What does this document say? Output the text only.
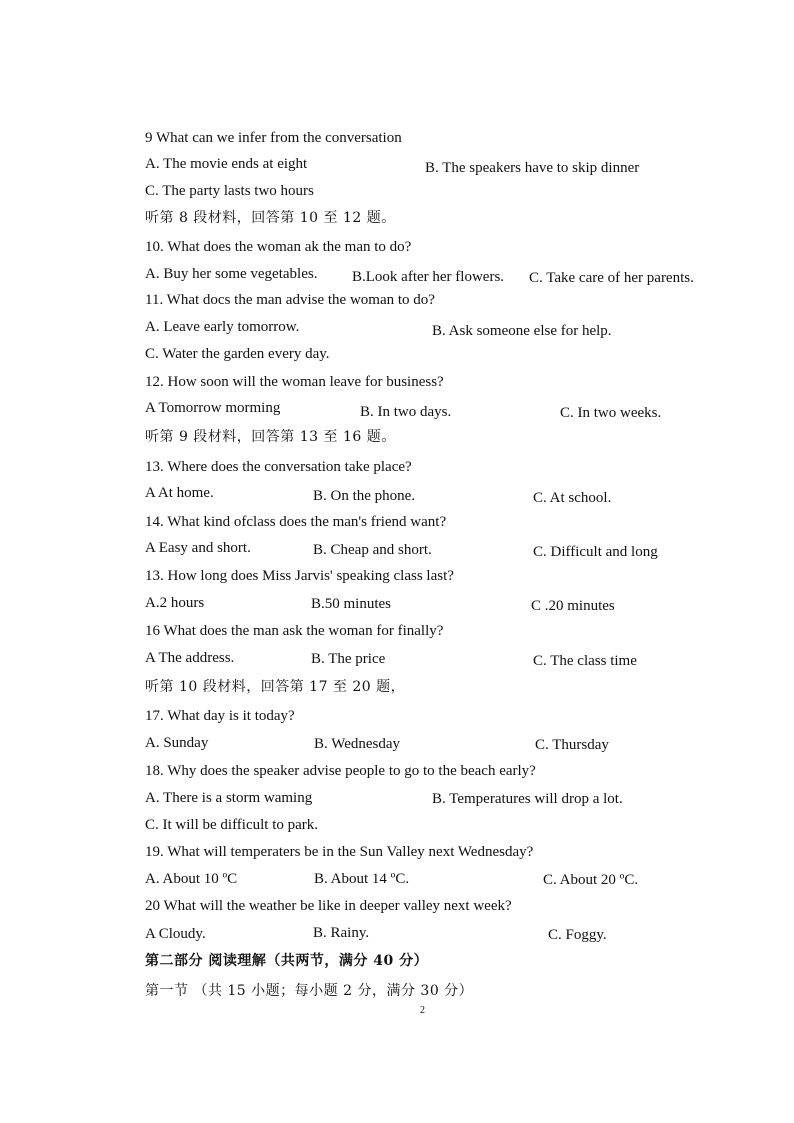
9 What can we infer from the conversation
A. The movie ends at eight	B. The speakers have to skip dinner
C. The party lasts two hours
听第 8 段材料，回答第 10 至 12 题。
10. What does the woman ak the man to do?
A. Buy her some vegetables. B.Look after her flowers. C. Take care of her parents.
11. What docs the man advise the woman to do?
A. Leave early tomorrow.	B. Ask someone else for help.
C. Water the garden every day.
12. How soon will the woman leave for business?
A Tomorrow morming	B. In two days.	C. In two weeks.
听第 9 段材料，回答第 13 至 16 题。
13. Where does the conversation take place?
A At home.	B. On the phone.	C. At school.
14. What kind ofclass does the man's friend want?
A Easy and short.	B. Cheap and short.	C. Difficult and long
13. How long does Miss Jarvis' speaking class last?
A.2 hours	B.50 minutes	C .20 minutes
16 What does the man ask the woman for finally?
A The address.	B. The price	C. The class time
听第 10 段材料，回答第 17 至 20 题，
17. What day is it today?
A. Sunday	B. Wednesday	C. Thursday
18. Why does the speaker advise people to go to the beach early?
A. There is a storm waming	B. Temperatures will drop a lot.
C. It will be difficult to park.
19. What will temperaters be in the Sun Valley next Wednesday?
A. About 10 ºC	B. About 14 ºC.	C. About 20 ºC.
20 What will the weather be like in deeper valley next week?
A Cloudy.	B. Rainy.	C. Foggy.
第二部分 阅读理解（共两节，满分 40 分）
第一节 （共 15 小题；每小题 2 分，满分 30 分）
2
